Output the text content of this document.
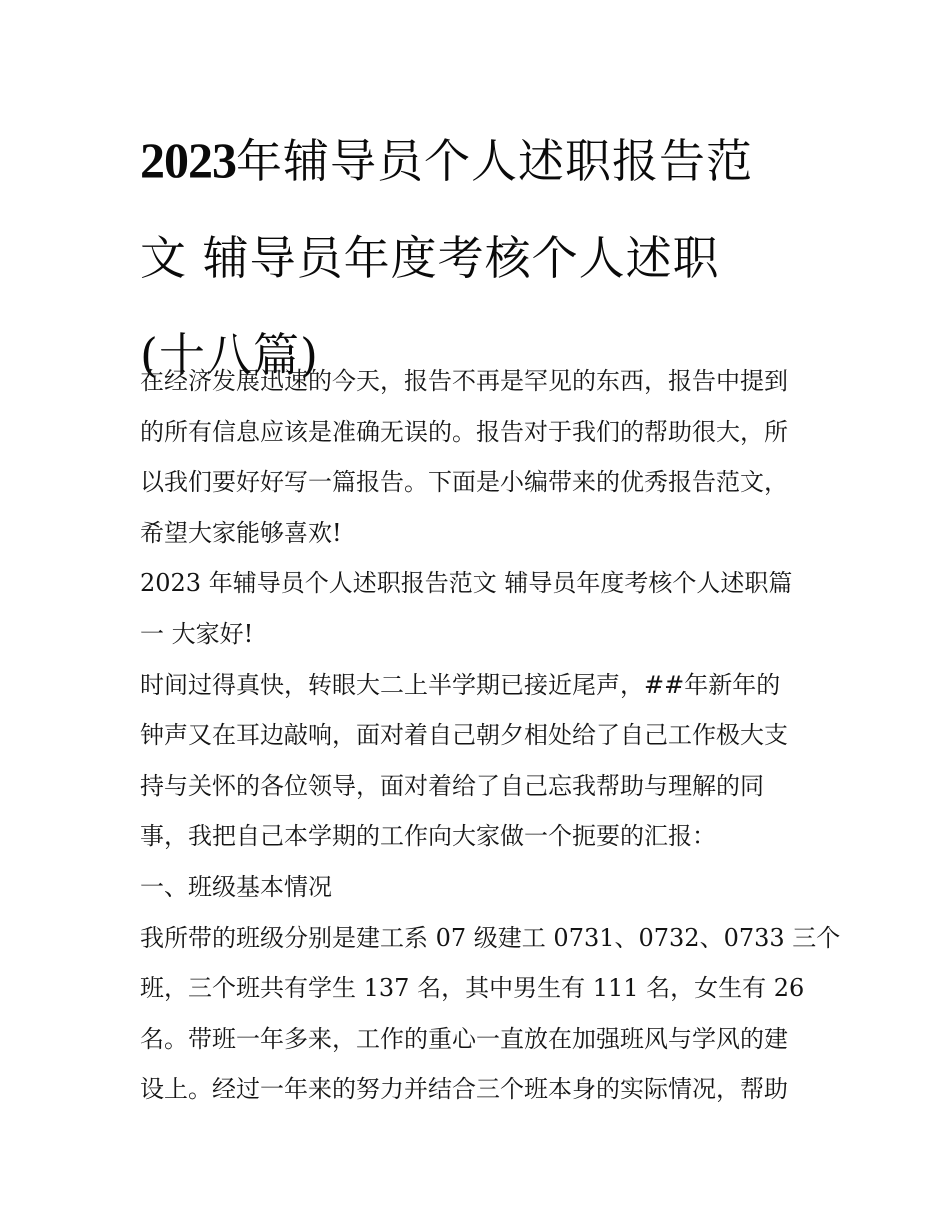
2023年辅导员个人述职报告范
文 辅导员年度考核个人述职
(十八篇)
在经济发展迅速的今天，报告不再是罕见的东西，报告中提到
的所有信息应该是准确无误的。报告对于我们的帮助很大，所
以我们要好好写一篇报告。下面是小编带来的优秀报告范文，
希望大家能够喜欢!
2023 年辅导员个人述职报告范文 辅导员年度考核个人述职篇
一 大家好!
时间过得真快，转眼大二上半学期已接近尾声，##年新年的
钟声又在耳边敲响，面对着自己朝夕相处给了自己工作极大支
持与关怀的各位领导，面对着给了自己忘我帮助与理解的同
事，我把自己本学期的工作向大家做一个扼要的汇报：
一、班级基本情况
我所带的班级分别是建工系 07 级建工 0731、0732、0733 三个
班，三个班共有学生 137 名，其中男生有 111 名，女生有 26
名。带班一年多来，工作的重心一直放在加强班风与学风的建
设上。经过一年来的努力并结合三个班本身的实际情况，帮助
